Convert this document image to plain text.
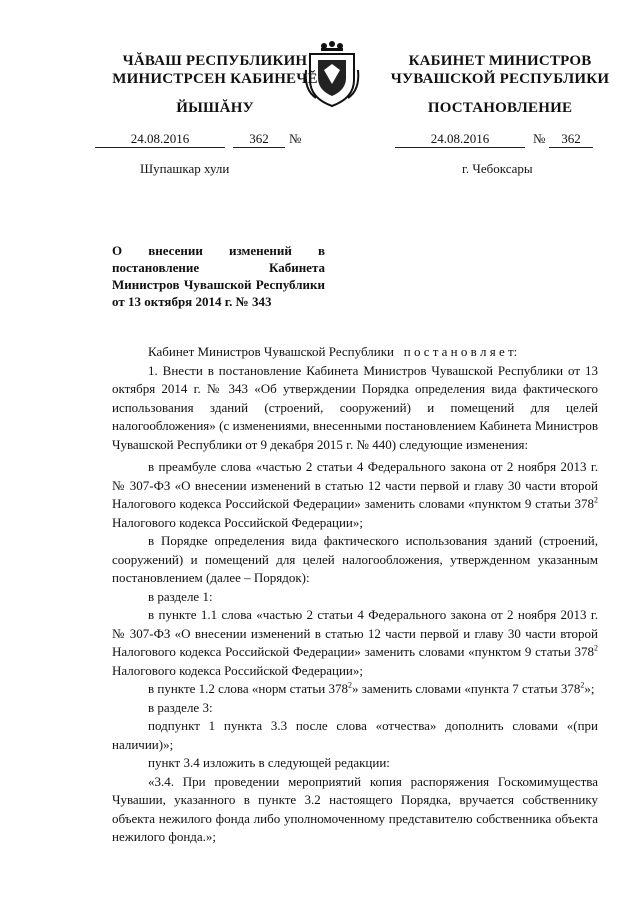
ЧĂВАШ РЕСПУБЛИКИН
МИНИСТРСЕН КАБИНЕЧĔ
ЙЫШĂНУ
24.08.2016	362	№
Шупашкар хули
КАБИНЕТ МИНИСТРОВ
ЧУВАШСКОЙ РЕСПУБЛИКИ
ПОСТАНОВЛЕНИЕ
24.08.2016	№	362
г. Чебоксары
О внесении изменений в постановление Кабинета Министров Чувашской Республики от 13 октября 2014 г. № 343

Кабинет Министров Чувашской Республики п о с т а н о в л я е т:

1. Внести в постановление Кабинета Министров Чувашской Республики от 13 октября 2014 г. № 343 «Об утверждении Порядка определения вида фактического использования зданий (строений, сооружений) и помещений для целей налогообложения» (с изменениями, внесенными постановлением Кабинета Министров Чувашской Республики от 9 декабря 2015 г. № 440) следующие изменения:

в преамбуле слова «частью 2 статьи 4 Федерального закона от 2 ноября 2013 г. № 307-ФЗ «О внесении изменений в статью 12 части первой и главу 30 части второй Налогового кодекса Российской Федерации» заменить словами «пунктом 9 статьи $378^2$ Налогового кодекса Российской Федерации»;

в Порядке определения вида фактического использования зданий (строений, сооружений) и помещений для целей налогообложения, утвержденном указанным постановлением (далее – Порядок):

в разделе 1:

в пункте 1.1 слова «частью 2 статьи 4 Федерального закона от 2 ноября 2013 г. № 307-ФЗ «О внесении изменений в статью 12 части первой и главу 30 части второй Налогового кодекса Российской Федерации» заменить словами «пунктом 9 статьи $378^2$ Налогового кодекса Российской Федерации»;

в пункте 1.2 слова «норм статьи $378^2$» заменить словами «пункта 7 статьи $378^2$»;

в разделе 3:

подпункт 1 пункта 3.3 после слова «отчества» дополнить словами «(при наличии)»;

пункт 3.4 изложить в следующей редакции:

«3.4. При проведении мероприятий копия распоряжения Госкомимущества Чувашии, указанного в пункте 3.2 настоящего Порядка, вручается собственнику объекта нежилого фонда либо уполномоченному представителю собственника объекта нежилого фонда.»;
